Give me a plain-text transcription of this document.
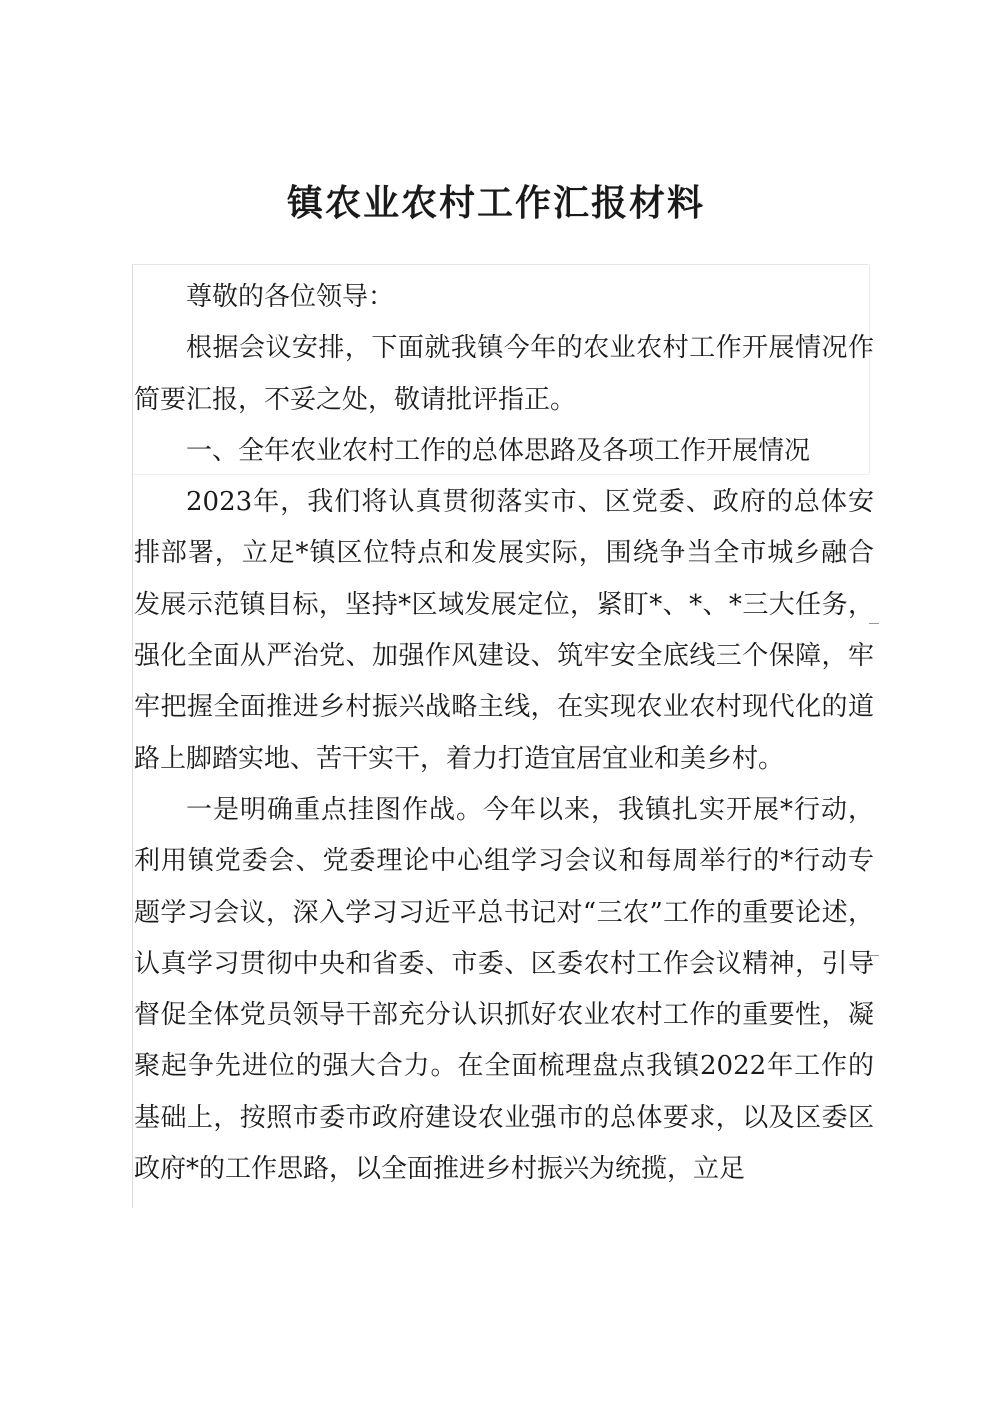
镇农业农村工作汇报材料

尊敬的各位领导：

根据会议安排，下面就我镇今年的农业农村工作开展情况作简要汇报，不妥之处，敬请批评指正。

一、全年农业农村工作的总体思路及各项工作开展情况

2023年，我们将认真贯彻落实市、区党委、政府的总体安排部署，立足*镇区位特点和发展实际，围绕争当全市城乡融合发展示范镇目标，坚持*区域发展定位，紧盯*、*、*三大任务，强化全面从严治党、加强作风建设、筑牢安全底线三个保障，牢牢把握全面推进乡村振兴战略主线，在实现农业农村现代化的道路上脚踏实地、苦干实干，着力打造宜居宜业和美乡村。

一是明确重点挂图作战。今年以来，我镇扎实开展*行动，利用镇党委会、党委理论中心组学习会议和每周举行的*行动专题学习会议，深入学习习近平总书记对“三农”工作的重要论述，认真学习贯彻中央和省委、市委、区委农村工作会议精神，引导督促全体党员领导干部充分认识抓好农业农村工作的重要性，凝聚起争先进位的强大合力。在全面梳理盘点我镇2022年工作的基础上，按照市委市政府建设农业强市的总体要求，以及区委区政府*的工作思路，以全面推进乡村振兴为统揽，立足
